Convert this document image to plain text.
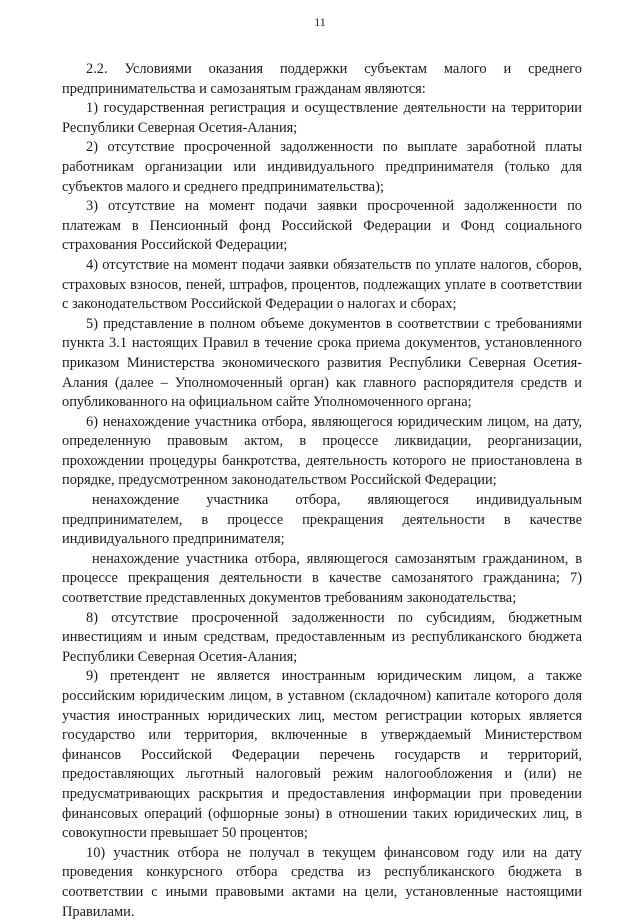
11

2.2. Условиями оказания поддержки субъектам малого и среднего предпринимательства и самозанятым гражданам являются:

1) государственная регистрация и осуществление деятельности на территории Республики Северная Осетия-Алания;

2) отсутствие просроченной задолженности по выплате заработной платы работникам организации или индивидуального предпринимателя (только для субъектов малого и среднего предпринимательства);

3) отсутствие на момент подачи заявки просроченной задолженности по платежам в Пенсионный фонд Российской Федерации и Фонд социального страхования Российской Федерации;

4) отсутствие на момент подачи заявки обязательств по уплате налогов, сборов, страховых взносов, пеней, штрафов, процентов, подлежащих уплате в соответствии с законодательством Российской Федерации о налогах и сборах;

5) представление в полном объеме документов в соответствии с требованиями пункта 3.1 настоящих Правил в течение срока приема документов, установленного приказом Министерства экономического развития Республики Северная Осетия-Алания (далее – Уполномоченный орган) как главного распорядителя средств и опубликованного на официальном сайте Уполномоченного органа;

6) ненахождение участника отбора, являющегося юридическим лицом, на дату, определенную правовым актом, в процессе ликвидации, реорганизации, прохождении процедуры банкротства, деятельность которого не приостановлена в порядке, предусмотренном законодательством Российской Федерации;

ненахождение участника отбора, являющегося индивидуальным предпринимателем, в процессе прекращения деятельности в качестве индивидуального предпринимателя;

ненахождение участника отбора, являющегося самозанятым гражданином, в процессе прекращения деятельности в качестве самозанятого гражданина; 7) соответствие представленных документов требованиям законодательства;

8) отсутствие просроченной задолженности по субсидиям, бюджетным инвестициям и иным средствам, предоставленным из республиканского бюджета Республики Северная Осетия-Алания;

9) претендент не является иностранным юридическим лицом, а также российским юридическим лицом, в уставном (складочном) капитале которого доля участия иностранных юридических лиц, местом регистрации которых является государство или территория, включенные в утверждаемый Министерством финансов Российской Федерации перечень государств и территорий, предоставляющих льготный налоговый режим налогообложения и (или) не предусматривающих раскрытия и предоставления информации при проведении финансовых операций (офшорные зоны) в отношении таких юридических лиц, в совокупности превышает 50 процентов;

10) участник отбора не получал в текущем финансовом году или на дату проведения конкурсного отбора средства из республиканского бюджета в соответствии с иными правовыми актами на цели, установленные настоящими Правилами.
